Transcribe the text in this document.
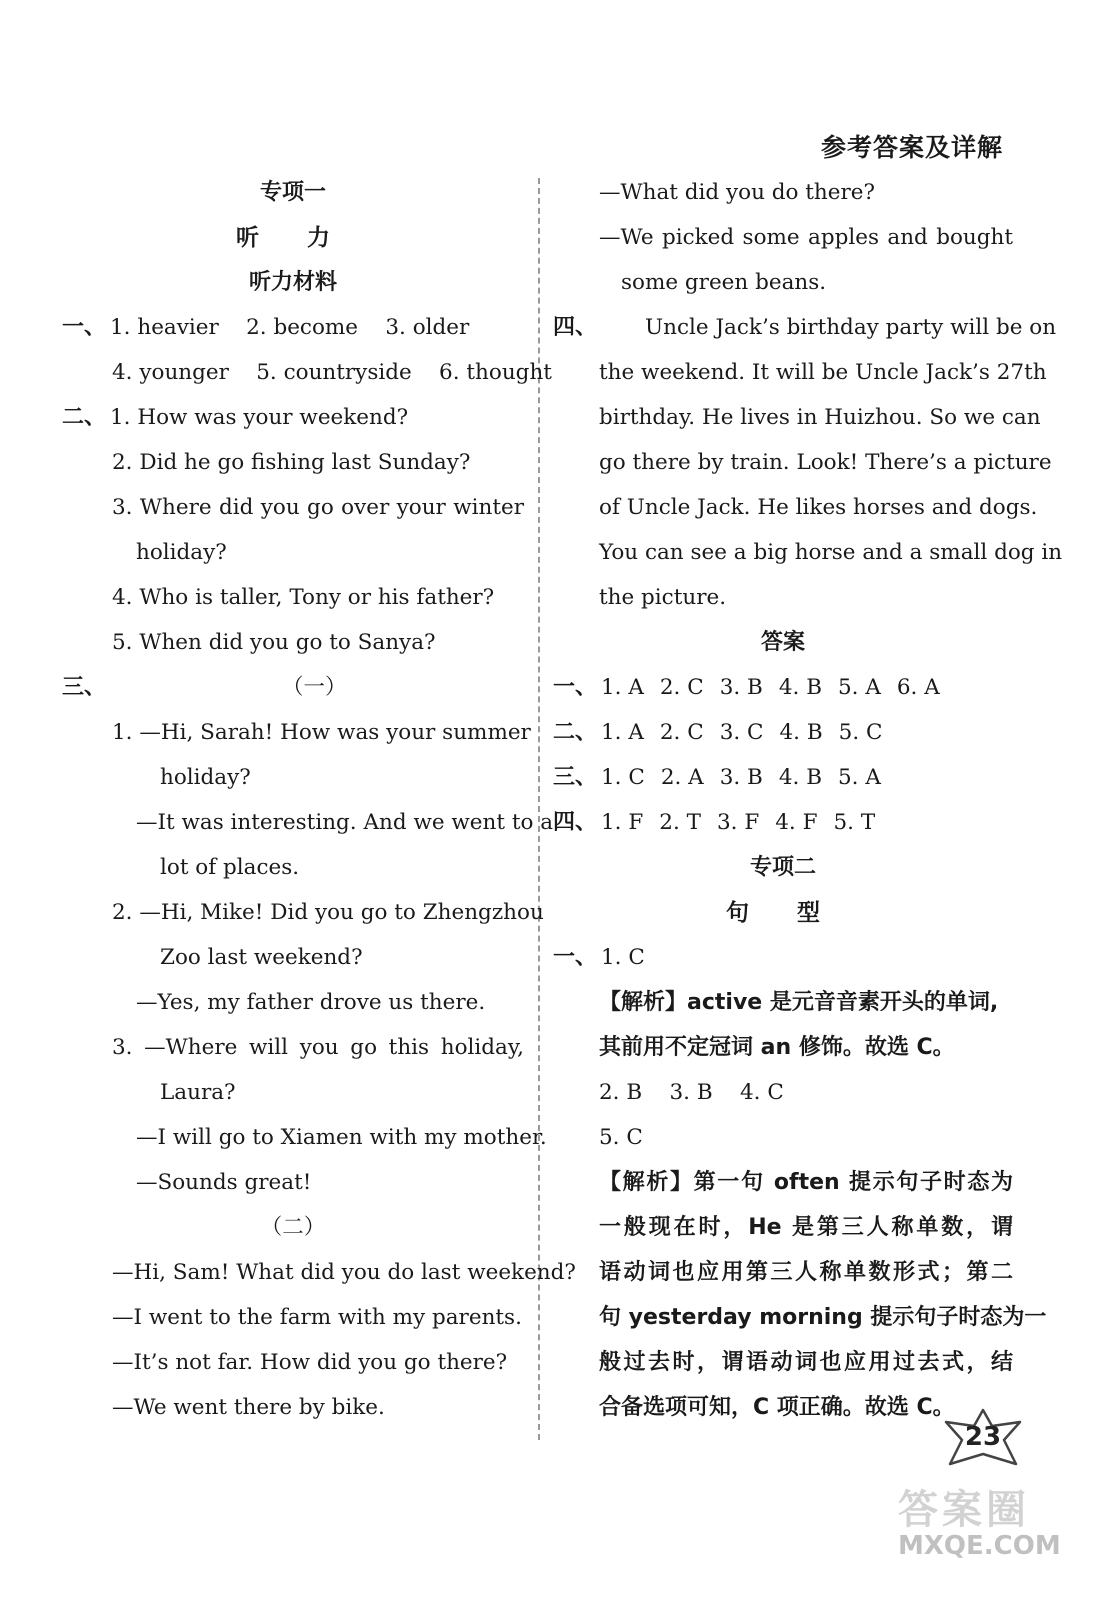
参考答案及详解
专项一
听 力
听力材料
一、 1. heavier    2. become    3. older
4. younger    5. countryside    6. thought
二、 1. How was your weekend?
2. Did he go fishing last Sunday?
3. Where did you go over your winter
holiday?
4. Who is taller, Tony or his father?
5. When did you go to Sanya?
三、	（一）
1. —Hi, Sarah! How was your summer
holiday?
—It was interesting. And we went to a
lot of places.
2. —Hi, Mike! Did you go to Zhengzhou
Zoo last weekend?
—Yes, my father drove us there.
3. —Where will you go this holiday,
Laura?
—I will go to Xiamen with my mother.
—Sounds great!
（二）
—Hi, Sam! What did you do last weekend?
—I went to the farm with my parents.
—It’s not far. How did you go there?
—We went there by bike.
—What did you do there?
—We picked some apples and bought
some green beans.
四、 Uncle Jack’s birthday party will be on
the weekend. It will be Uncle Jack’s 27th
birthday. He lives in Huizhou. So we can
go there by train. Look! There’s a picture
of Uncle Jack. He likes horses and dogs.
You can see a big horse and a small dog in
the picture.
答案
一、 1. A 2. C 3. B 4. B 5. A 6. A
二、 1. A 2. C 3. C 4. B 5. C
三、 1. C 2. A 3. B 4. B 5. A
四、 1. F 2. T 3. F 4. F 5. T
专项二
句 型
一、 1. C
【解析】active 是元音音素开头的单词,
其前用不定冠词 an 修饰。故选 C。
2. B    3. B    4. C
5. C
【解析】第一句 often 提示句子时态为
一般现在时，He 是第三人称单数，谓
语动词也应用第三人称单数形式；第二
句 yesterday morning 提示句子时态为一
般过去时，谓语动词也应用过去式，结
合备选项可知，C 项正确。故选 C。
23
答案圈
MXQE.COM
